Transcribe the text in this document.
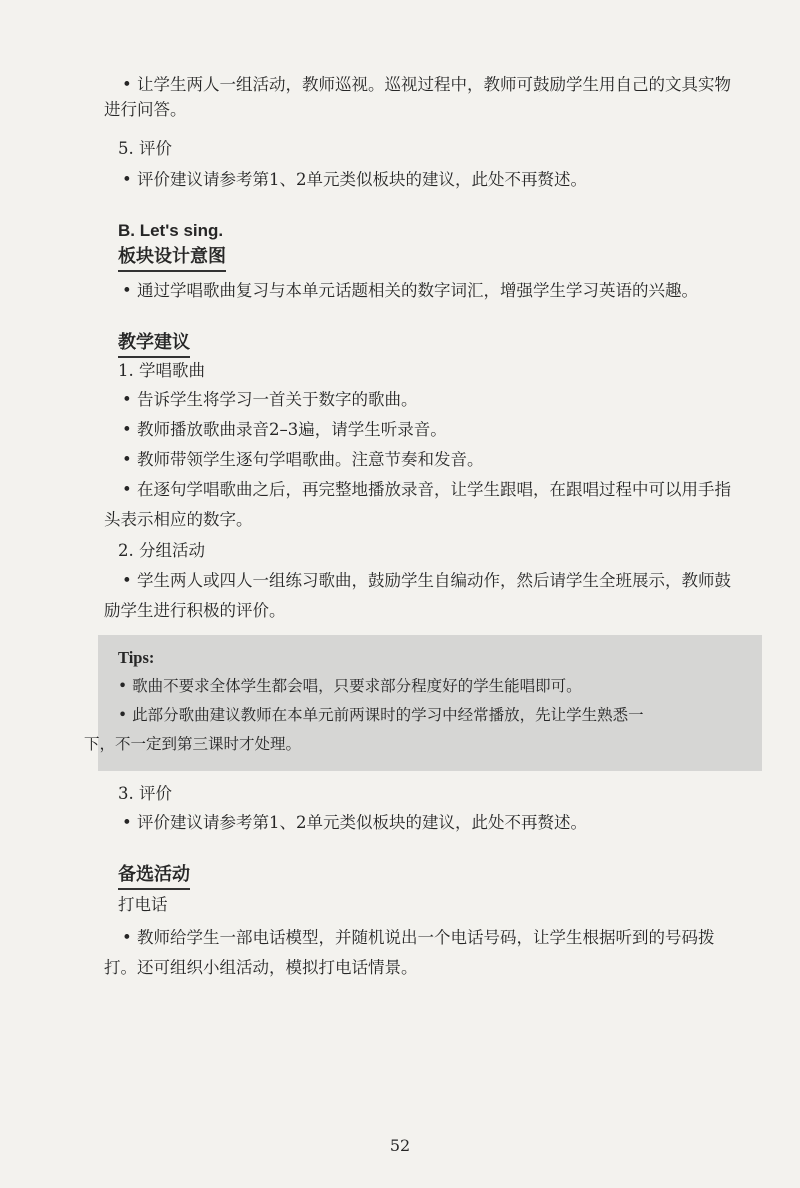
• 让学生两人一组活动，教师巡视。巡视过程中，教师可鼓励学生用自己的文具实物

进行问答。

5. 评价

• 评价建议请参考第1、2单元类似板块的建议，此处不再赘述。

B. Let's sing.

板块设计意图

• 通过学唱歌曲复习与本单元话题相关的数字词汇，增强学生学习英语的兴趣。

教学建议

1. 学唱歌曲

• 告诉学生将学习一首关于数字的歌曲。

• 教师播放歌曲录音2–3遍，请学生听录音。

• 教师带领学生逐句学唱歌曲。注意节奏和发音。

• 在逐句学唱歌曲之后，再完整地播放录音，让学生跟唱，在跟唱过程中可以用手指

头表示相应的数字。

2. 分组活动

• 学生两人或四人一组练习歌曲，鼓励学生自编动作，然后请学生全班展示，教师鼓

励学生进行积极的评价。

Tips:

• 歌曲不要求全体学生都会唱，只要求部分程度好的学生能唱即可。

• 此部分歌曲建议教师在本单元前两课时的学习中经常播放，先让学生熟悉一

下，不一定到第三课时才处理。

3. 评价

• 评价建议请参考第1、2单元类似板块的建议，此处不再赘述。

备选活动

打电话

• 教师给学生一部电话模型，并随机说出一个电话号码，让学生根据听到的号码拨

打。还可组织小组活动，模拟打电话情景。

52
